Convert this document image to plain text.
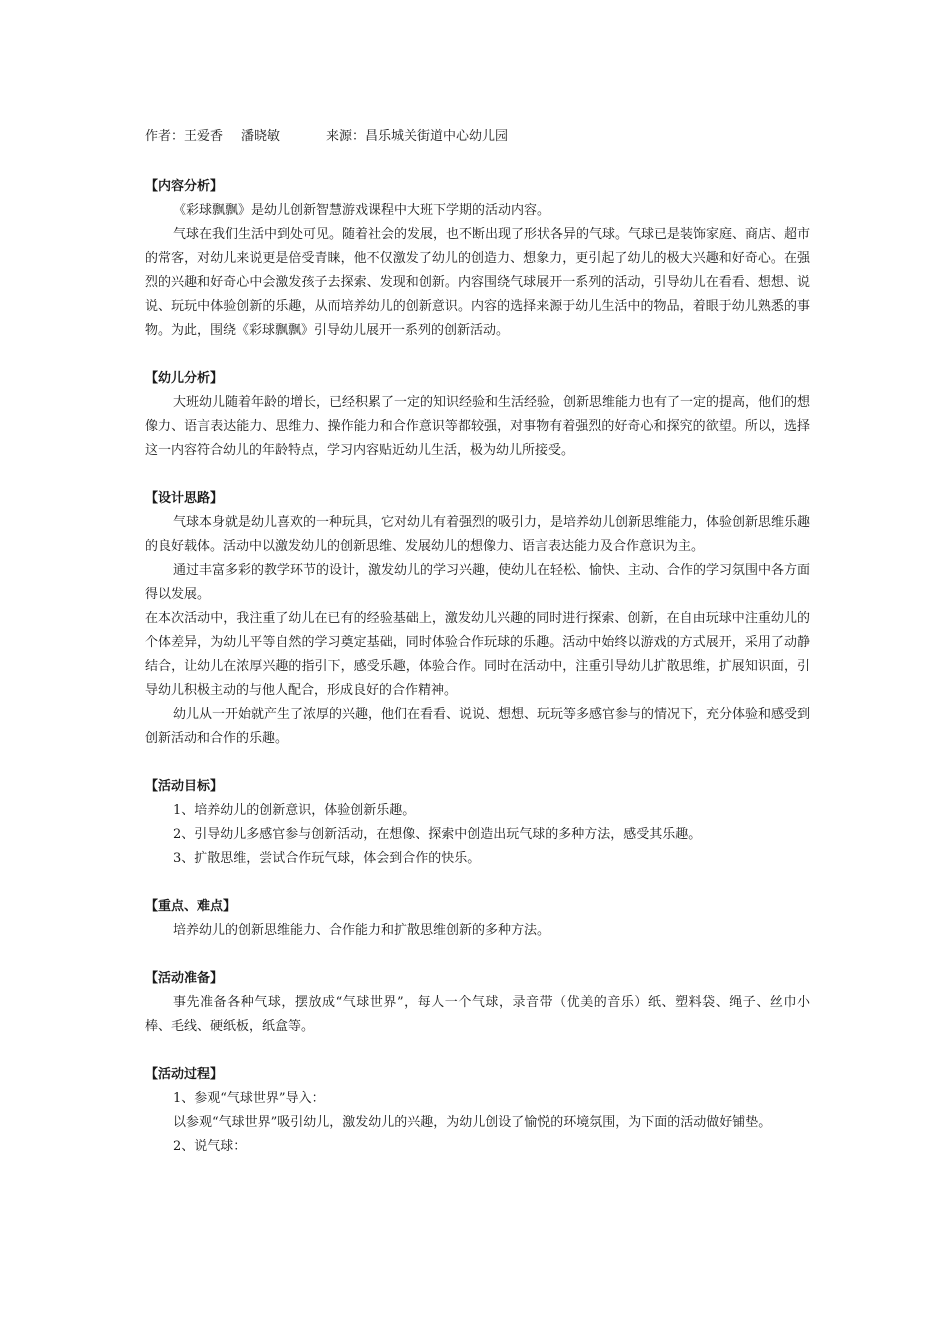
作者：王爱香 潘晓敏	来源：昌乐城关街道中心幼儿园
【内容分析】

《彩球飘飘》是幼儿创新智慧游戏课程中大班下学期的活动内容。

气球在我们生活中到处可见。随着社会的发展，也不断出现了形状各异的气球。气球已是装饰家庭、商店、超市的常客，对幼儿来说更是倍受青睐，他不仅激发了幼儿的创造力、想象力，更引起了幼儿的极大兴趣和好奇心。在强烈的兴趣和好奇心中会激发孩子去探索、发现和创新。内容围绕气球展开一系列的活动，引导幼儿在看看、想想、说说、玩玩中体验创新的乐趣，从而培养幼儿的创新意识。内容的选择来源于幼儿生活中的物品，着眼于幼儿熟悉的事物。为此，围绕《彩球飘飘》引导幼儿展开一系列的创新活动。

【幼儿分析】

大班幼儿随着年龄的增长，已经积累了一定的知识经验和生活经验，创新思维能力也有了一定的提高，他们的想像力、语言表达能力、思维力、操作能力和合作意识等都较强，对事物有着强烈的好奇心和探究的欲望。所以，选择这一内容符合幼儿的年龄特点，学习内容贴近幼儿生活，极为幼儿所接受。

【设计思路】

气球本身就是幼儿喜欢的一种玩具，它对幼儿有着强烈的吸引力，是培养幼儿创新思维能力，体验创新思维乐趣的良好载体。活动中以激发幼儿的创新思维、发展幼儿的想像力、语言表达能力及合作意识为主。

通过丰富多彩的教学环节的设计，激发幼儿的学习兴趣，使幼儿在轻松、愉快、主动、合作的学习氛围中各方面得以发展。

在本次活动中，我注重了幼儿在已有的经验基础上，激发幼儿兴趣的同时进行探索、创新，在自由玩球中注重幼儿的个体差异，为幼儿平等自然的学习奠定基础，同时体验合作玩球的乐趣。活动中始终以游戏的方式展开，采用了动静结合，让幼儿在浓厚兴趣的指引下，感受乐趣，体验合作。同时在活动中，注重引导幼儿扩散思维，扩展知识面，引导幼儿积极主动的与他人配合，形成良好的合作精神。

幼儿从一开始就产生了浓厚的兴趣，他们在看看、说说、想想、玩玩等多感官参与的情况下，充分体验和感受到创新活动和合作的乐趣。

【活动目标】

1、培养幼儿的创新意识，体验创新乐趣。

2、引导幼儿多感官参与创新活动，在想像、探索中创造出玩气球的多种方法，感受其乐趣。

3、扩散思维，尝试合作玩气球，体会到合作的快乐。

【重点、难点】

培养幼儿的创新思维能力、合作能力和扩散思维创新的多种方法。

【活动准备】

事先准备各种气球，摆放成“气球世界”，每人一个气球，录音带（优美的音乐）纸、塑料袋、绳子、丝巾小棒、毛线、硬纸板，纸盒等。

【活动过程】

1、参观“气球世界”导入：

以参观“气球世界”吸引幼儿，激发幼儿的兴趣，为幼儿创设了愉悦的环境氛围，为下面的活动做好铺垫。

2、说气球：
